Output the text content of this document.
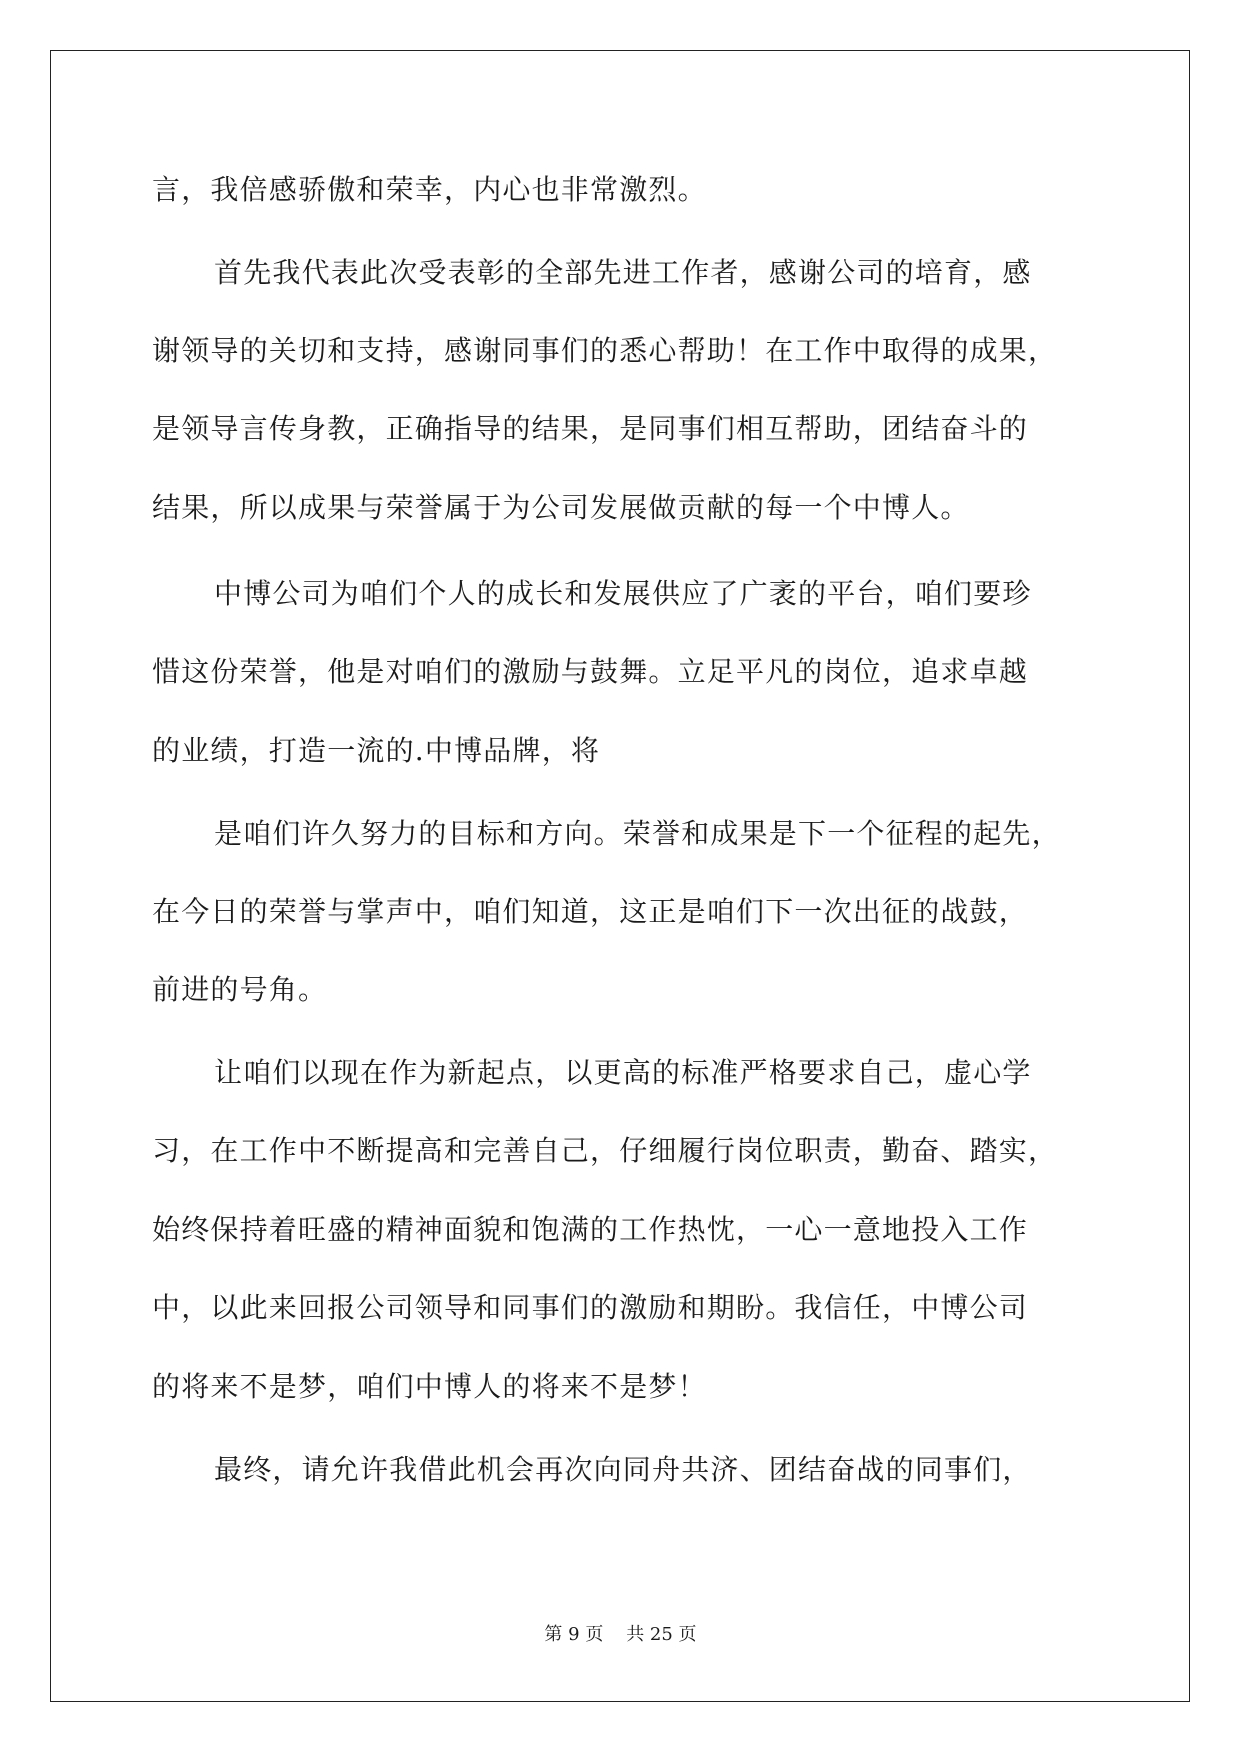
言，我倍感骄傲和荣幸，内心也非常激烈。
首先我代表此次受表彰的全部先进工作者，感谢公司的培育，感
谢领导的关切和支持，感谢同事们的悉心帮助！在工作中取得的成果，
是领导言传身教，正确指导的结果，是同事们相互帮助，团结奋斗的
结果，所以成果与荣誉属于为公司发展做贡献的每一个中博人。
中博公司为咱们个人的成长和发展供应了广袤的平台，咱们要珍
惜这份荣誉，他是对咱们的激励与鼓舞。立足平凡的岗位，追求卓越
的业绩，打造一流的.中博品牌，将
是咱们许久努力的目标和方向。荣誉和成果是下一个征程的起先，
在今日的荣誉与掌声中，咱们知道，这正是咱们下一次出征的战鼓，
前进的号角。
让咱们以现在作为新起点，以更高的标准严格要求自己，虚心学
习，在工作中不断提高和完善自己，仔细履行岗位职责，勤奋、踏实，
始终保持着旺盛的精神面貌和饱满的工作热忱，一心一意地投入工作
中，以此来回报公司领导和同事们的激励和期盼。我信任，中博公司
的将来不是梦，咱们中博人的将来不是梦！
最终，请允许我借此机会再次向同舟共济、团结奋战的同事们，
第 9 页    共 25 页
